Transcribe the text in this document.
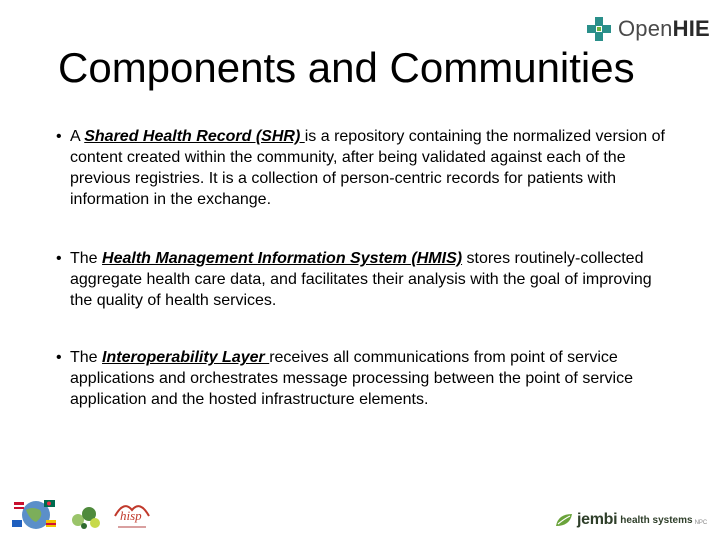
OpenHIE
Components and Communities
• A Shared Health Record (SHR) is a repository containing the normalized version of content created within the community, after being validated against each of the previous registries. It is a collection of person-centric records for patients with information in the exchange.
• The Health Management Information System (HMIS) stores routinely-collected aggregate health care data, and facilitates their analysis with the goal of improving the quality of health services.
• The Interoperability Layer receives all communications from point of service applications and orchestrates message processing between the point of service application and the hosted infrastructure elements.
hisp	jembi health systems NPC
